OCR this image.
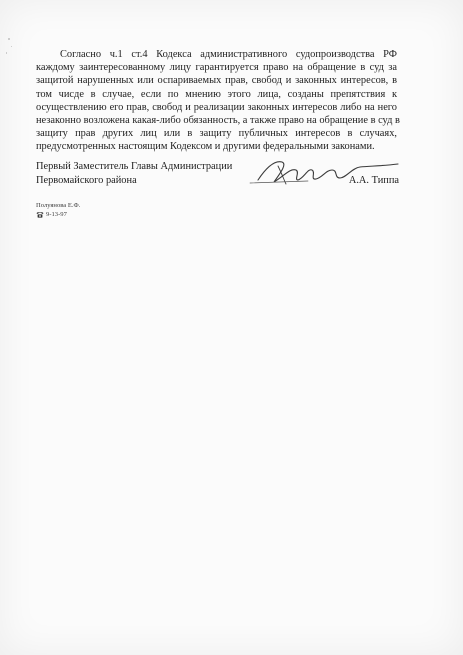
Согласно ч.1 ст.4 Кодекса административного судопроизводства РФ
каждому заинтересованному лицу гарантируется право на обращение в суд за
защитой нарушенных или оспариваемых прав, свобод и законных интересов, в
том чисде в случае, если по мнению этого лица, созданы препятствия к
осуществлению его прав, свобод и реализации законных интересов либо на него
незаконно возложена какая-либо обязанность, а также право на обращение в суд в
защиту прав других лиц или в защиту публичных интересов в случаях,
предусмотренных настоящим Кодексом и другими федеральными законами.
Первый Заместитель Главы Администрации
Первомайского района	А.А. Типпа
Полуянова Е.Ф.
9-13-97
